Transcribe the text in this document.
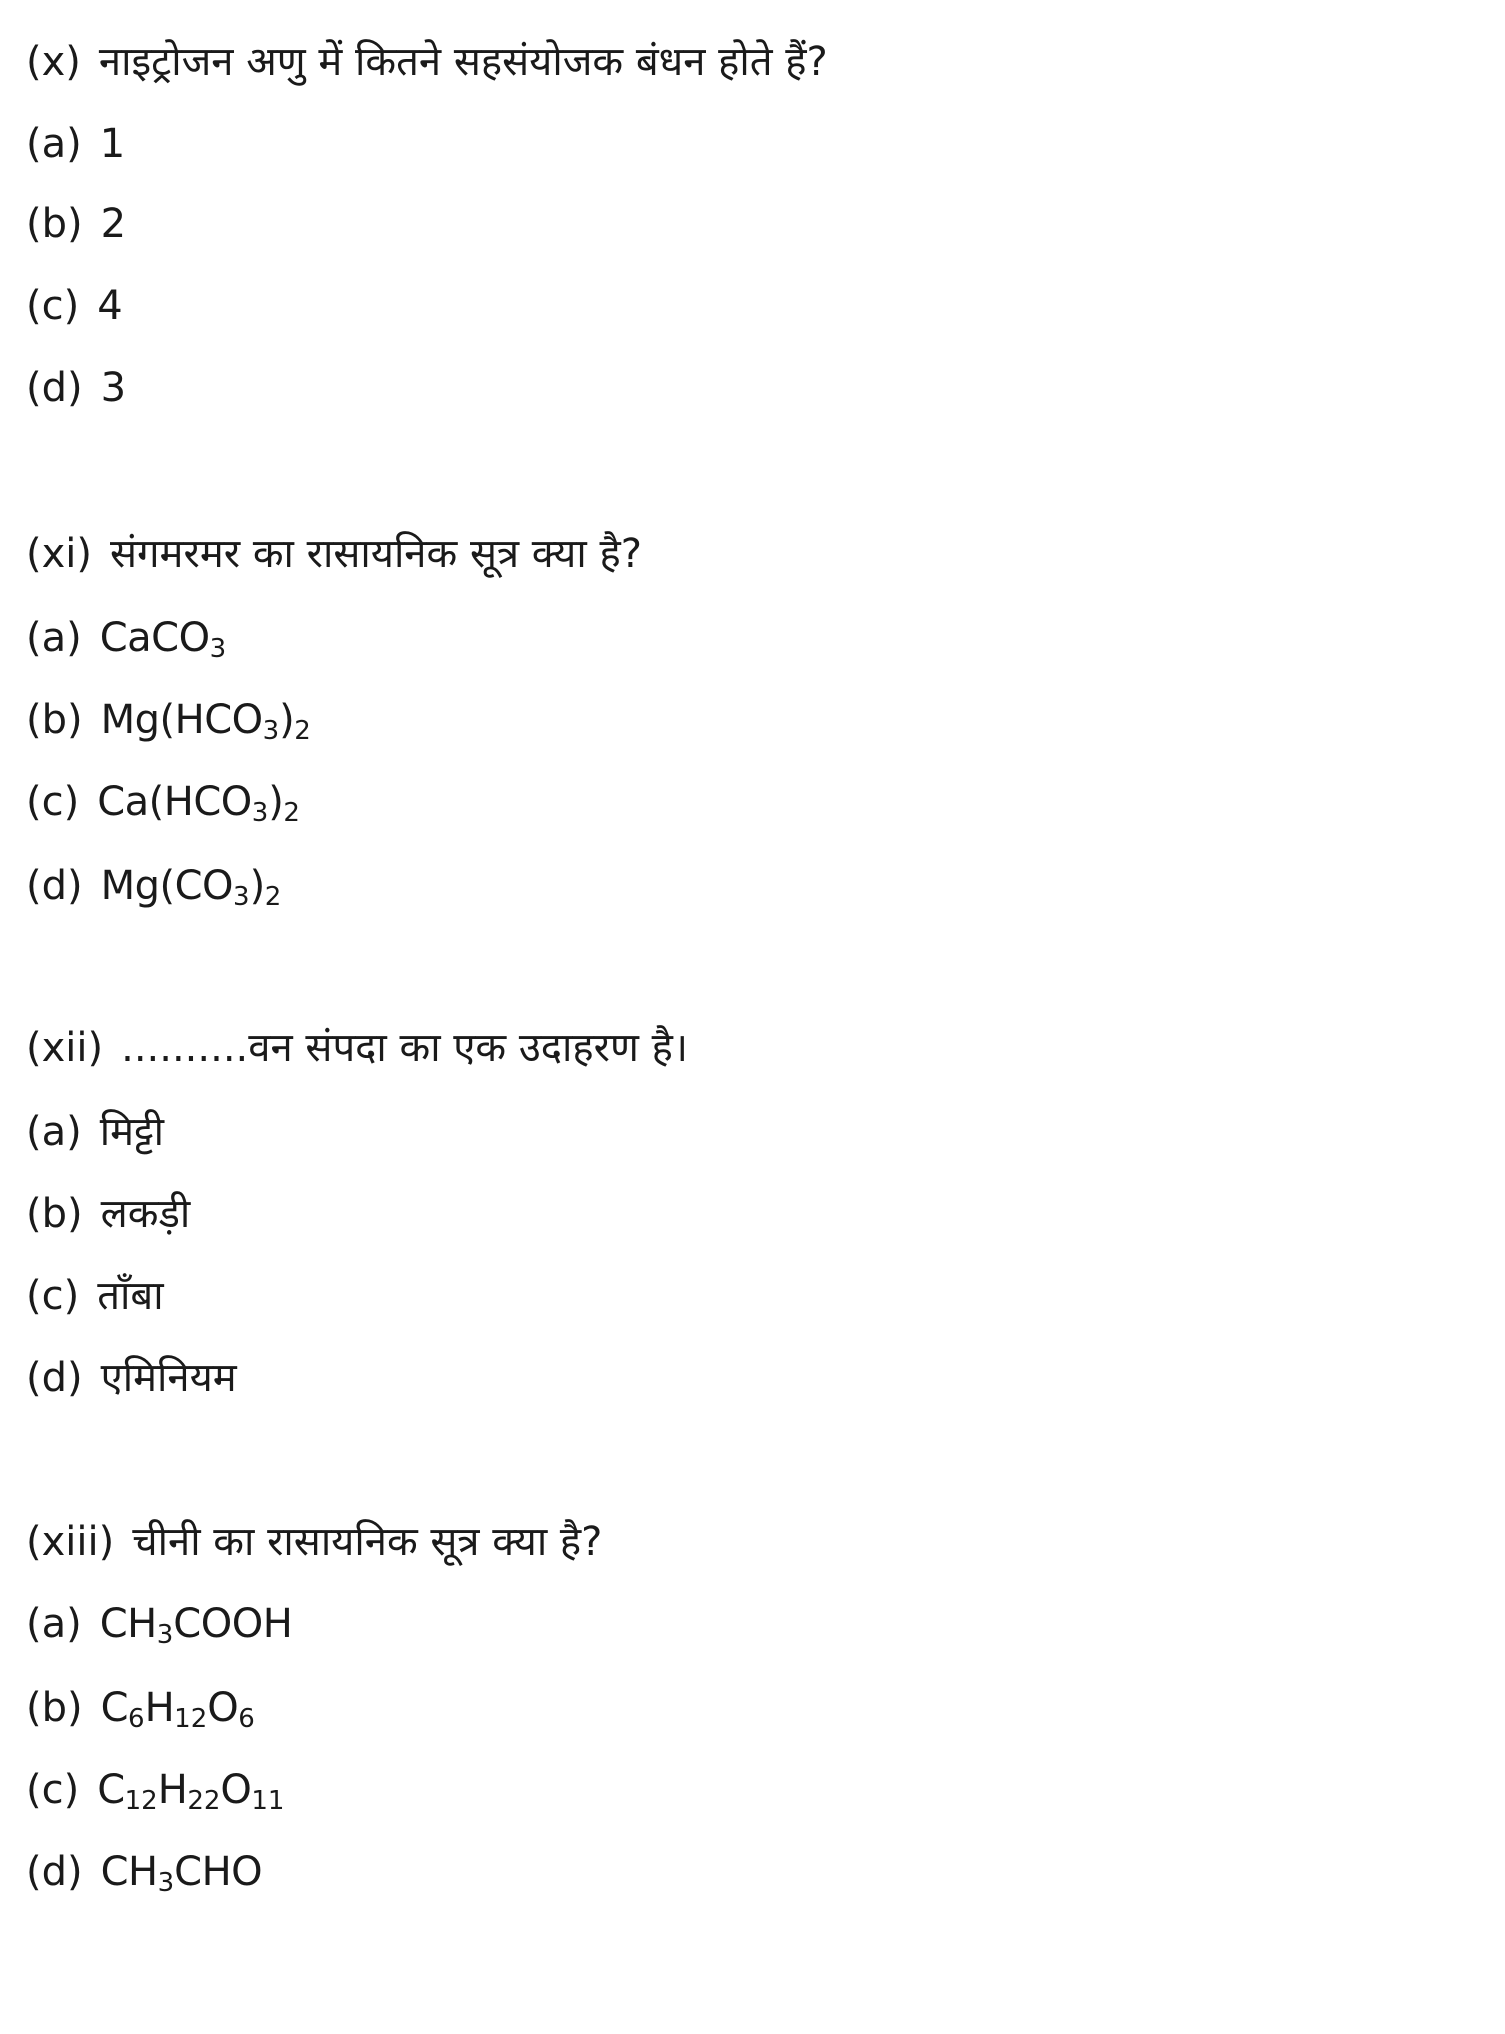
(x) नाइट्रोजन अणु में कितने सहसंयोजक बंधन होते हैं?
(a) 1
(b) 2
(c) 4
(d) 3
(xi) संगमरमर का रासायनिक सूत्र क्या है?
(a) CaCO$_3$
(b) $Mg(HCO_3)_2$
(c) $Ca(HCO_3)_2$
(d) $Mg(CO_3)_2$
(xii) ..........वन संपदा का एक उदाहरण है।
(a) मिट्टी
(b) लकड़ी
(c) ताँबा
(d) एमिनियम
(xiii) चीनी का रासायनिक सूत्र क्या है?
(a) $CH_3COOH$
(b) $C_6H_{12}O_6$
(c) $C_{12}H_{22}O_{11}$
(d) $CH_3CHO$
